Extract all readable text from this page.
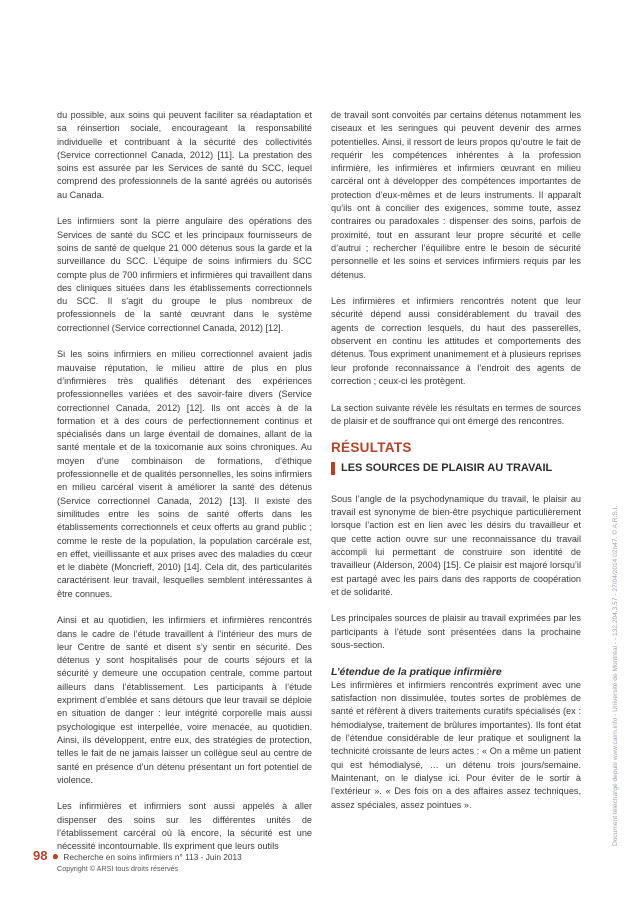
du possible, aux soins qui peuvent faciliter sa réadaptation et sa réinsertion sociale, encourageant la responsabilité individuelle et contribuant à la sécurité des collectivités (Service correctionnel Canada, 2012) [11]. La prestation des soins est assurée par les Services de santé du SCC, lequel comprend des professionnels de la santé agréés ou autorisés au Canada.

Les infirmiers sont la pierre angulaire des opérations des Services de santé du SCC et les principaux fournisseurs de soins de santé de quelque 21 000 détenus sous la garde et la surveillance du SCC. L’équipe de soins infirmiers du SCC compte plus de 700 infirmiers et infirmières qui travaillent dans des cliniques situées dans les établissements correctionnels du SCC. Il s’agit du groupe le plus nombreux de professionnels de la santé œuvrant dans le système correctionnel (Service correctionnel Canada, 2012) [12].

Si les soins infirmiers en milieu correctionnel avaient jadis mauvaise réputation, le milieu attire de plus en plus d’infirmières très qualifiés détenant des expériences professionnelles variées et des savoir-faire divers (Service correctionnel Canada, 2012) [12]. Ils ont accès à de la formation et à des cours de perfectionnement continus et spécialisés dans un large éventail de domaines, allant de la santé mentale et de la toxicomanie aux soins chroniques. Au moyen d’une combinaison de formations, d’éthique professionnelle et de qualités personnelles, les soins infirmiers en milieu carcéral visent à améliorer la santé des détenus (Service correctionnel Canada, 2012) [13]. Il existe des similitudes entre les soins de santé offerts dans les établissements correctionnels et ceux offerts au grand public ; comme le reste de la population, la population carcérale est, en effet, vieillissante et aux prises avec des maladies du cœur et le diabète (Moncrieff, 2010) [14]. Cela dit, des particularités caractérisent leur travail, lesquelles semblent intéressantes à être connues.

Ainsi et au quotidien, les infirmiers et infirmières rencontrés dans le cadre de l’étude travaillent à l’intérieur des murs de leur Centre de santé et disent s’y sentir en sécurité. Des détenus y sont hospitalisés pour de courts séjours et la sécurité y demeure une occupation centrale, comme partout ailleurs dans l’établissement. Les participants à l’étude expriment d’emblée et sans détours que leur travail se déploie en situation de danger : leur intégrité corporelle mais aussi psychologique est interpellée, voire menacée, au quotidien. Ainsi, ils développent, entre eux, des stratégies de protection, telles le fait de ne jamais laisser un collègue seul au centre de santé en présence d’un détenu présentant un fort potentiel de violence.

Les infirmières et infirmiers sont aussi appelés à aller dispenser des soins sur les différentes unités de l’établissement carcéral où là encore, la sécurité est une nécessité incontournable. Ils expriment que leurs outils

de travail sont convoités par certains détenus notamment les ciseaux et les seringues qui peuvent devenir des armes potentielles. Ainsi, il ressort de leurs propos qu’outre le fait de requérir les compétences inhérentes à la profession infirmière, les infirmières et infirmiers œuvrant en milieu carcéral ont à développer des compétences importantes de protection d’eux-mêmes et de leurs instruments. Il apparaît qu’ils ont à concilier des exigences, somme toute, assez contraires ou paradoxales : dispenser des soins, parfois de proximité, tout en assurant leur propre sécurité et celle d’autrui ; rechercher l’équilibre entre le besoin de sécurité personnelle et les soins et services infirmiers requis par les détenus.

Les infirmières et infirmiers rencontrés notent que leur sécurité dépend aussi considérablement du travail des agents de correction lesquels, du haut des passerelles, observent en continu les attitudes et comportements des détenus. Tous expriment unanimement et à plusieurs reprises leur profonde reconnaissance à l’endroit des agents de correction ; ceux-ci les protègent.

La section suivante révèle les résultats en termes de sources de plaisir et de souffrance qui ont émergé des rencontres.

RÉSULTATS
LES SOURCES DE PLAISIR AU TRAVAIL

Sous l’angle de la psychodynamique du travail, le plaisir au travail est synonyme de bien-être psychique particulièrement lorsque l’action est en lien avec les désirs du travailleur et que cette action ouvre sur une reconnaissance du travail accompli lui permettant de construire son identité de travailleur (Alderson, 2004) [15]. Ce plaisir est majoré lorsqu’il est partagé avec les pairs dans des rapports de coopération et de solidarité.

Les principales sources de plaisir au travail exprimées par les participants à l’étude sont présentées dans la prochaine sous-section.

L’étendue de la pratique infirmière

Les infirmières et infirmiers rencontrés expriment avec une satisfaction non dissimulée, toutes sortes de problèmes de santé et réfèrent à divers traitements curatifs spécialisés (ex : hémodialyse, traitement de brûlures importantes). Ils font état de l’étendue considérable de leur pratique et soulignent la technicité croissante de leurs actes : « On a même un patient qui est hémodialysé, … un détenu trois jours/semaine. Maintenant, on le dialyse ici. Pour éviter de le sortir à l’extérieur ». « Des fois on a des affaires assez techniques, assez spéciales, assez pointues ».

98 ● Recherche en soins infirmiers n° 113 - Juin 2013
Copyright © ARSI tous droits réservés
Document téléchargé depuis www.cairn.info - Université de Montréal - - 132.204.3.57 - 27/04/2014 02h47. © A.R.S.I.
